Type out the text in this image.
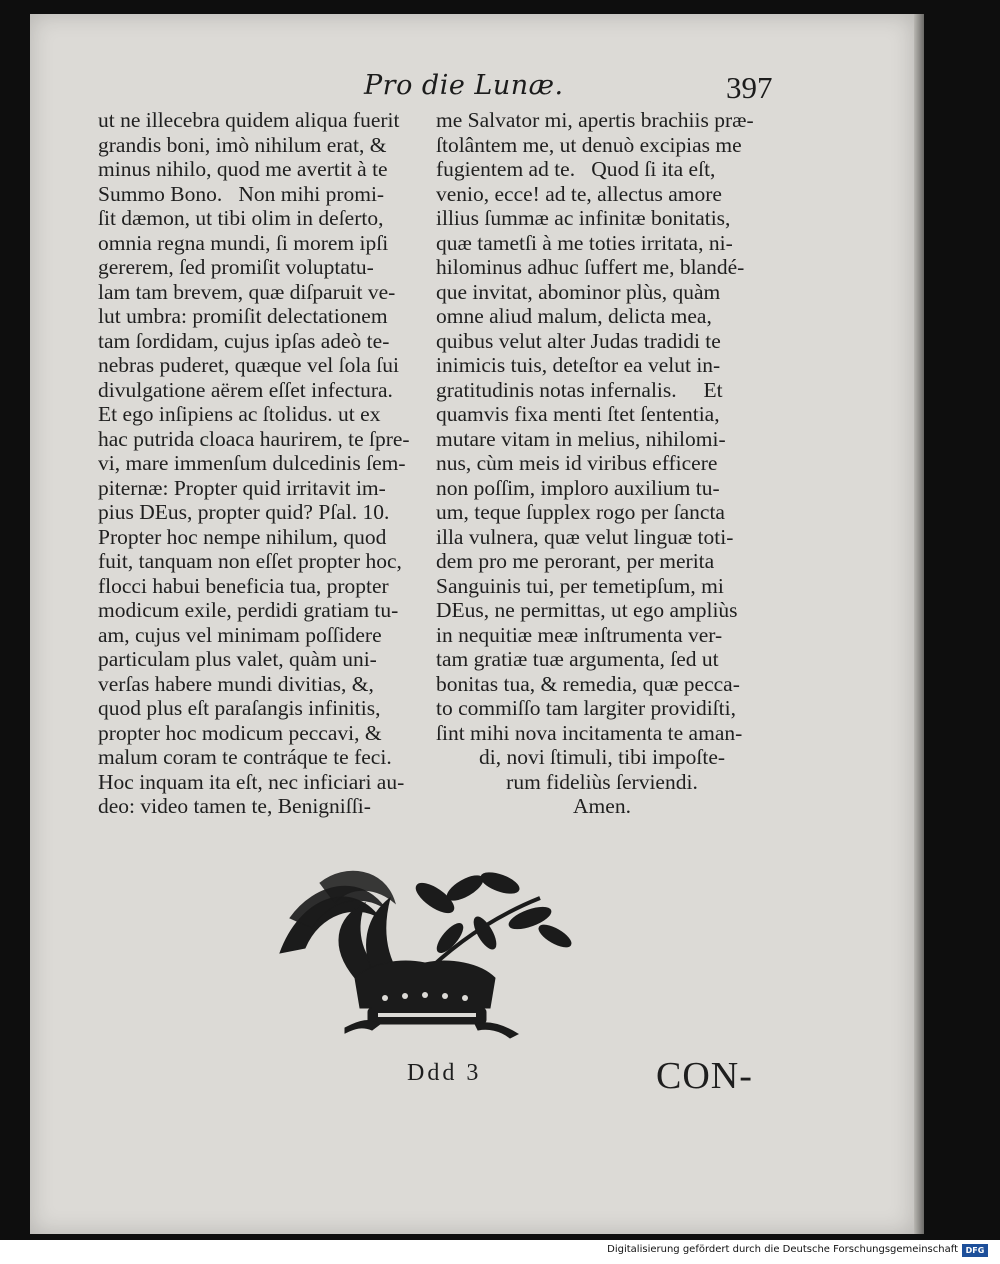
Pro die Lunæ.	397
ut ne illecebra quidem aliqua fuerit
grandis boni, imò nihilum erat, &
minus nihilo, quod me avertit à te
Summo Bono.   Non mihi promi-
ſit dæmon, ut tibi olim in deſerto,
omnia regna mundi, ſi morem ipſi
gererem, ſed promiſit voluptatu-
lam tam brevem, quæ diſparuit ve-
lut umbra: promiſit delectationem
tam ſordidam, cujus ipſas adeò te-
nebras puderet, quæque vel ſola ſui
divulgatione aërem eſſet infectura.
Et ego inſipiens ac ſtolidus. ut ex
hac putrida cloaca haurirem, te ſpre-
vi, mare immenſum dulcedinis ſem-
piternæ: Propter quid irritavit im-
pius DEus, propter quid? Pſal. 10.
Propter hoc nempe nihilum, quod
fuit, tanquam non eſſet propter hoc,
flocci habui beneficia tua, propter
modicum exile, perdidi gratiam tu-
am, cujus vel minimam poſſidere
particulam plus valet, quàm uni-
verſas habere mundi divitias, &,
quod plus eſt paraſangis infinitis,
propter hoc modicum peccavi, &
malum coram te contráque te feci.
Hoc inquam ita eſt, nec inficiari au-
deo: video tamen te, Benigniſſi-
me Salvator mi, apertis brachiis præ-
ſtolântem me, ut denuò excipias me
fugientem ad te.   Quod ſi ita eſt,
venio, ecce! ad te, allectus amore
illius ſummæ ac infinitæ bonitatis,
quæ tametſi à me toties irritata, ni-
hilominus adhuc ſuffert me, blandé-
que invitat, abominor plùs, quàm
omne aliud malum, delicta mea,
quibus velut alter Judas tradidi te
inimicis tuis, deteſtor ea velut in-
gratitudinis notas infernalis.     Et
quamvis fixa menti ſtet ſententia,
mutare vitam in melius, nihilomi-
nus, cùm meis id viribus efficere
non poſſim, imploro auxilium tu-
um, teque ſupplex rogo per ſancta
illa vulnera, quæ velut linguæ toti-
dem pro me perorant, per merita
Sanguinis tui, per temetipſum, mi
DEus, ne permittas, ut ego ampliùs
in nequitiæ meæ inſtrumenta ver-
tam gratiæ tuæ argumenta, ſed ut
bonitas tua, & remedia, quæ pecca-
to commiſſo tam largiter providiſti,
ſint mihi nova incitamenta te aman-
di, novi ſtimuli, tibi impoſte-
rum fideliùs ſerviendi.
Amen.
Ddd 3	CON-
Digitalisierung gefördert durch die Deutsche Forschungsgemeinschaft DFG
